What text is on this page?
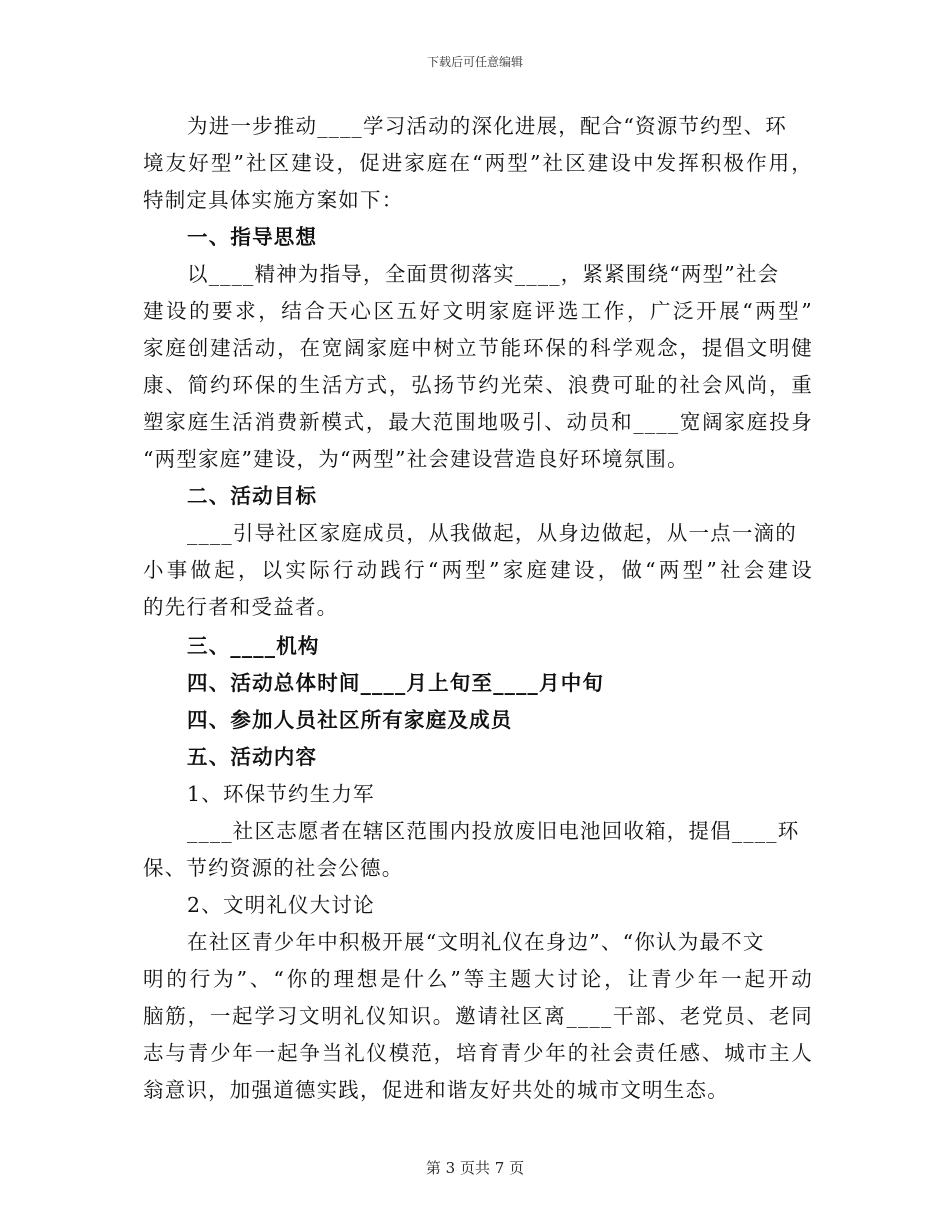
下载后可任意编辑
为进一步推动____学习活动的深化进展，配合“资源节约型、环
境友好型”社区建设，促进家庭在“两型”社区建设中发挥积极作用，
特制定具体实施方案如下：
一、指导思想
以____精神为指导，全面贯彻落实____，紧紧围绕“两型”社会
建设的要求，结合天心区五好文明家庭评选工作，广泛开展“两型”
家庭创建活动，在宽阔家庭中树立节能环保的科学观念，提倡文明健
康、简约环保的生活方式，弘扬节约光荣、浪费可耻的社会风尚，重
塑家庭生活消费新模式，最大范围地吸引、动员和____宽阔家庭投身
“两型家庭”建设，为“两型”社会建设营造良好环境氛围。
二、活动目标
____引导社区家庭成员，从我做起，从身边做起，从一点一滴的
小事做起，以实际行动践行“两型”家庭建设，做“两型”社会建设
的先行者和受益者。
三、____机构
四、活动总体时间____月上旬至____月中旬
四、参加人员社区所有家庭及成员
五、活动内容
1、环保节约生力军
____社区志愿者在辖区范围内投放废旧电池回收箱，提倡____环
保、节约资源的社会公德。
2、文明礼仪大讨论
在社区青少年中积极开展“文明礼仪在身边”、“你认为最不文
明的行为”、“你的理想是什么”等主题大讨论，让青少年一起开动
脑筋，一起学习文明礼仪知识。邀请社区离____干部、老党员、老同
志与青少年一起争当礼仪模范，培育青少年的社会责任感、城市主人
翁意识，加强道德实践，促进和谐友好共处的城市文明生态。
第 3 页共 7 页
